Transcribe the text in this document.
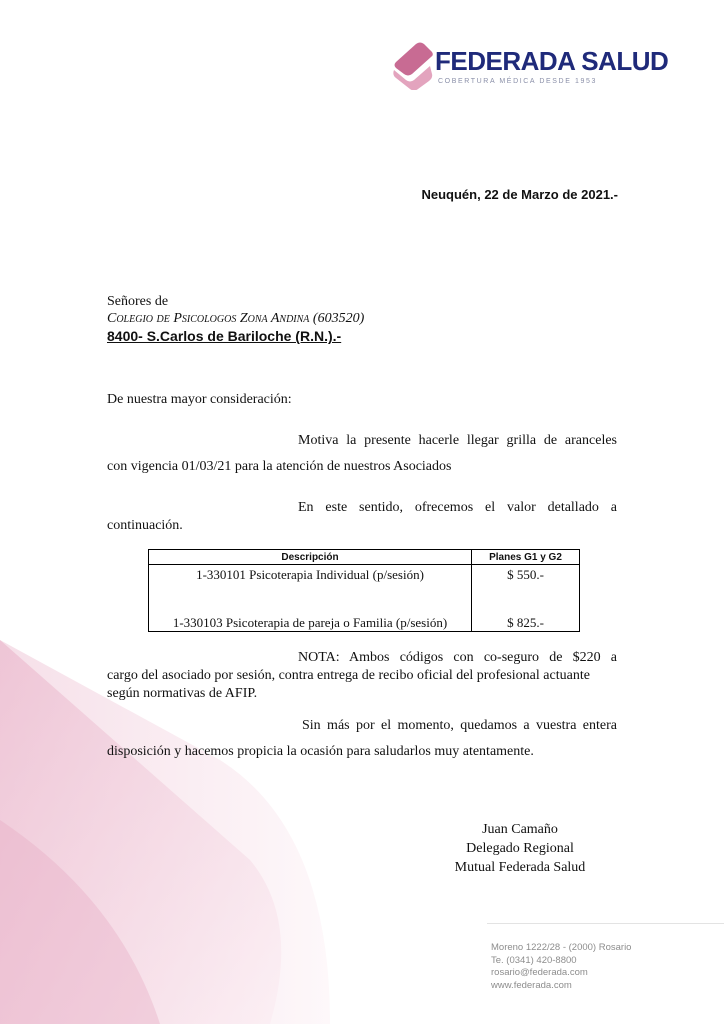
FEDERADA SALUD
COBERTURA MÉDICA DESDE 1953
Neuquén, 22 de Marzo de 2021.-
Señores de
Colegio de Psicologos Zona Andina (603520)
8400- S.Carlos de Bariloche (R.N.).-
De nuestra mayor consideración:
Motiva la presente hacerle llegar grilla de aranceles
con vigencia 01/03/21 para la atención de nuestros Asociados
En este sentido, ofrecemos el valor detallado a
continuación.
Descripción	Planes G1 y G2
1-330101 Psicoterapia Individual (p/sesión)	$ 550.-
1-330103 Psicoterapia de pareja o Familia (p/sesión)	$ 825.-
NOTA: Ambos códigos con co-seguro de $220 a
cargo del asociado por sesión, contra entrega de recibo oficial del profesional actuante
según normativas de AFIP.
Sin más por el momento, quedamos a vuestra entera
disposición y hacemos propicia la ocasión para saludarlos muy atentamente.
Juan Camaño
Delegado Regional
Mutual Federada Salud
Moreno 1222/28 - (2000) Rosario
Te. (0341) 420-8800
rosario@federada.com
www.federada.com
